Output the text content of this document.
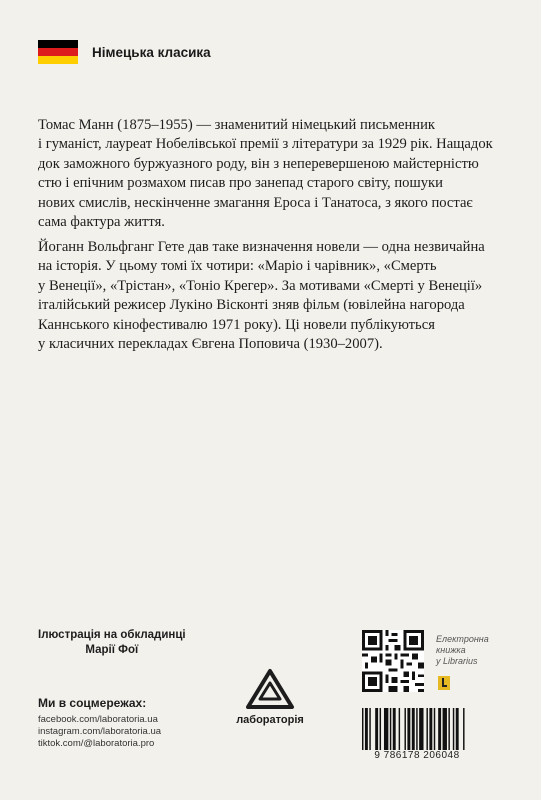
Німецька класика

Томас Манн (1875–1955) — знаменитий німецький письменник
і гуманіст, лауреат Нобелівської премії з літератури за 1929 рік. Нащадок
док заможного буржуазного роду, він з неперевершеною майстерністю
стю і епічним розмахом писав про занепад старого світу, пошуки
нових смислів, нескінченне змагання Ероса і Танатоса, з якого постає
сама фактура життя.

Йоганн Вольфганг Гете дав таке визначення новели — одна незвичайна
на історія. У цьому томі їх чотири: «Маріо і чарівник», «Смерть
у Венеції», «Трістан», «Тоніо Крегер». За мотивами «Смерті у Венеції»
італійський режисер Лукіно Вісконті зняв фільм (ювілейна нагорода
Каннського кінофестивалю 1971 року). Ці новели публікуються
у класичних перекладах Євгена Поповича (1930–2007).

Ілюстрація на обкладинці
Марії Фої
Ми в соцмережах:
facebook.com/laboratoria.ua
instagram.com/laboratoria.ua
tiktok.com/@laboratoria.pro
лабораторія
Електронна
книжка
у Librarius
9 786178 206048
